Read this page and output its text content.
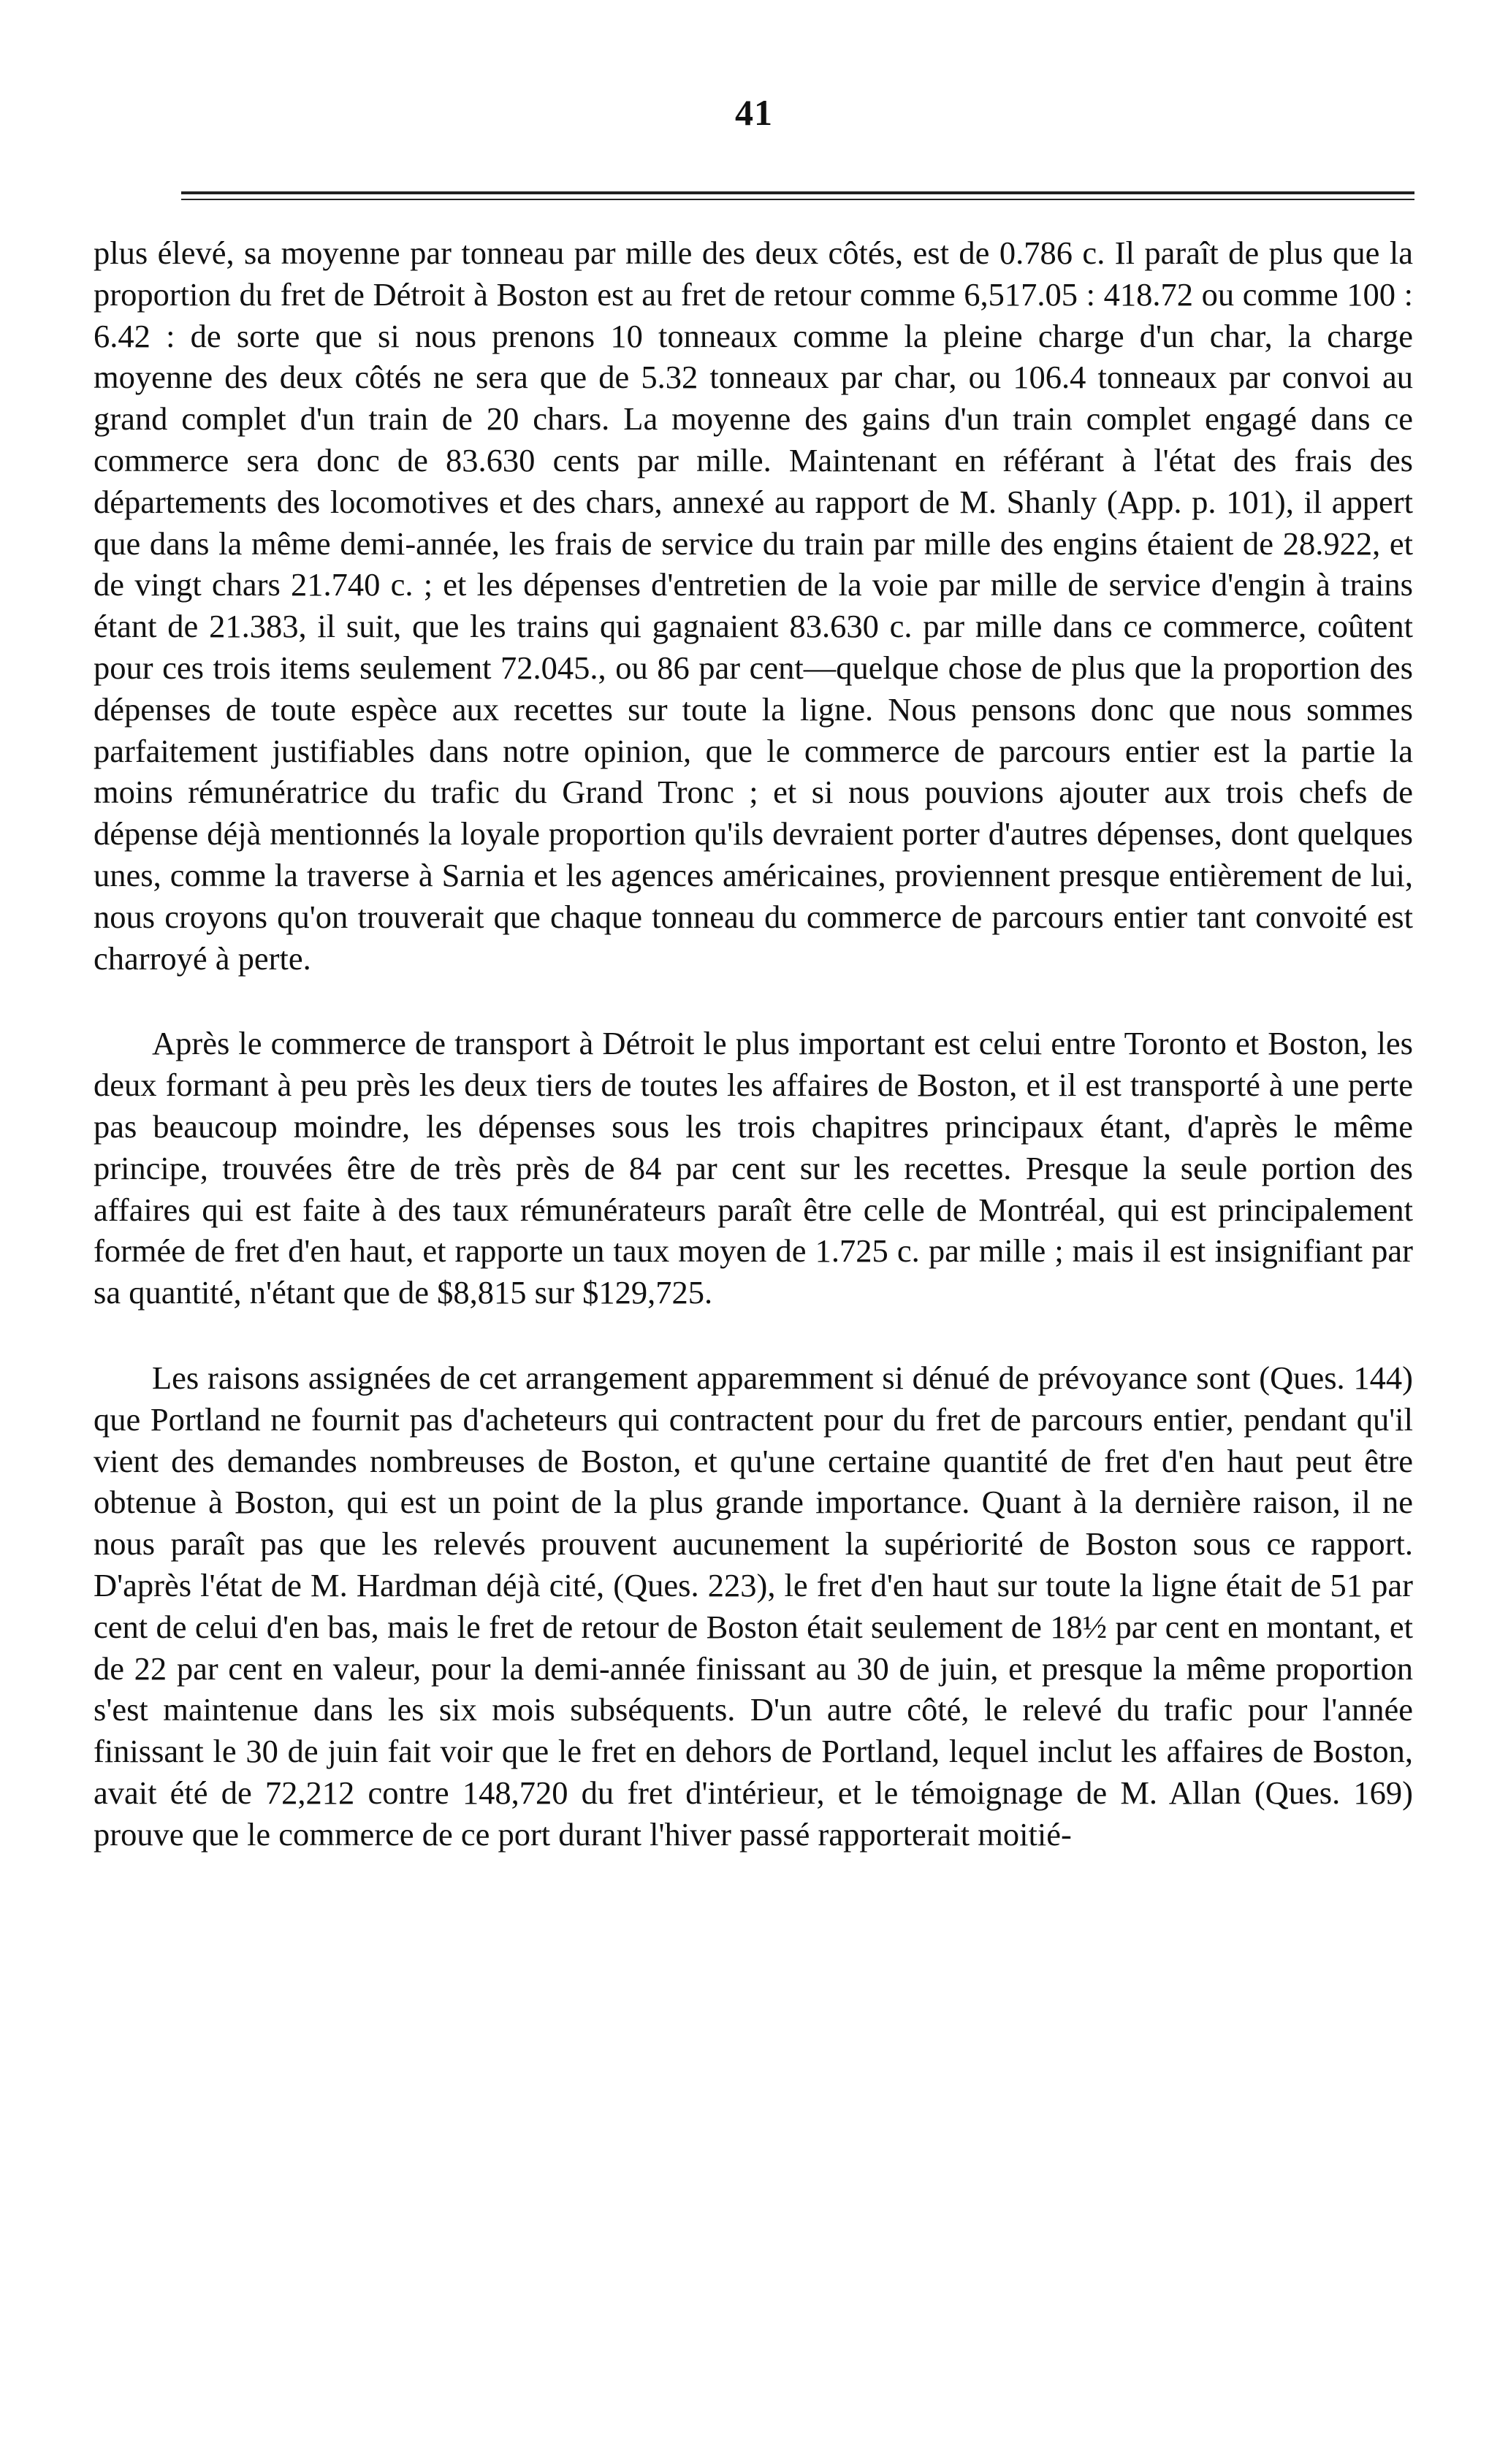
41

plus élevé, sa moyenne par tonneau par mille des deux côtés, est de 0.786 c. Il paraît de plus que la proportion du fret de Détroit à Boston est au fret de retour comme 6,517.05 : 418.72 ou comme 100 : 6.42 : de sorte que si nous prenons 10 tonneaux comme la pleine charge d'un char, la charge moyenne des deux côtés ne sera que de 5.32 tonneaux par char, ou 106.4 tonneaux par convoi au grand complet d'un train de 20 chars. La moyenne des gains d'un train complet engagé dans ce commerce sera donc de 83.630 cents par mille. Maintenant en référant à l'état des frais des départements des locomotives et des chars, annexé au rapport de M. Shanly (App. p. 101), il appert que dans la même demi-année, les frais de service du train par mille des engins étaient de 28.922, et de vingt chars 21.740 c. ; et les dépenses d'entretien de la voie par mille de service d'engin à trains étant de 21.383, il suit, que les trains qui gagnaient 83.630 c. par mille dans ce commerce, coûtent pour ces trois items seulement 72.045., ou 86 par cent—quelque chose de plus que la proportion des dépenses de toute espèce aux recettes sur toute la ligne. Nous pensons donc que nous sommes parfaitement justifiables dans notre opinion, que le commerce de parcours entier est la partie la moins rémunératrice du trafic du Grand Tronc ; et si nous pouvions ajouter aux trois chefs de dépense déjà mentionnés la loyale proportion qu'ils devraient porter d'autres dépenses, dont quelques unes, comme la traverse à Sarnia et les agences américaines, proviennent presque entièrement de lui, nous croyons qu'on trouverait que chaque tonneau du commerce de parcours entier tant convoité est charroyé à perte.

Après le commerce de transport à Détroit le plus important est celui entre Toronto et Boston, les deux formant à peu près les deux tiers de toutes les affaires de Boston, et il est transporté à une perte pas beaucoup moindre, les dépenses sous les trois chapitres principaux étant, d'après le même principe, trouvées être de très près de 84 par cent sur les recettes. Presque la seule portion des affaires qui est faite à des taux rémunérateurs paraît être celle de Montréal, qui est principalement formée de fret d'en haut, et rapporte un taux moyen de 1.725 c. par mille ; mais il est insignifiant par sa quantité, n'étant que de $8,815 sur $129,725.

Les raisons assignées de cet arrangement apparemment si dénué de prévoyance sont (Ques. 144) que Portland ne fournit pas d'acheteurs qui contractent pour du fret de parcours entier, pendant qu'il vient des demandes nombreuses de Boston, et qu'une certaine quantité de fret d'en haut peut être obtenue à Boston, qui est un point de la plus grande importance. Quant à la dernière raison, il ne nous paraît pas que les relevés prouvent aucunement la supériorité de Boston sous ce rapport. D'après l'état de M. Hardman déjà cité, (Ques. 223), le fret d'en haut sur toute la ligne était de 51 par cent de celui d'en bas, mais le fret de retour de Boston était seulement de 18½ par cent en montant, et de 22 par cent en valeur, pour la demi-année finissant au 30 de juin, et presque la même proportion s'est maintenue dans les six mois subséquents. D'un autre côté, le relevé du trafic pour l'année finissant le 30 de juin fait voir que le fret en dehors de Portland, lequel inclut les affaires de Boston, avait été de 72,212 contre 148,720 du fret d'intérieur, et le témoignage de M. Allan (Ques. 169) prouve que le commerce de ce port durant l'hiver passé rapporterait moitié-
